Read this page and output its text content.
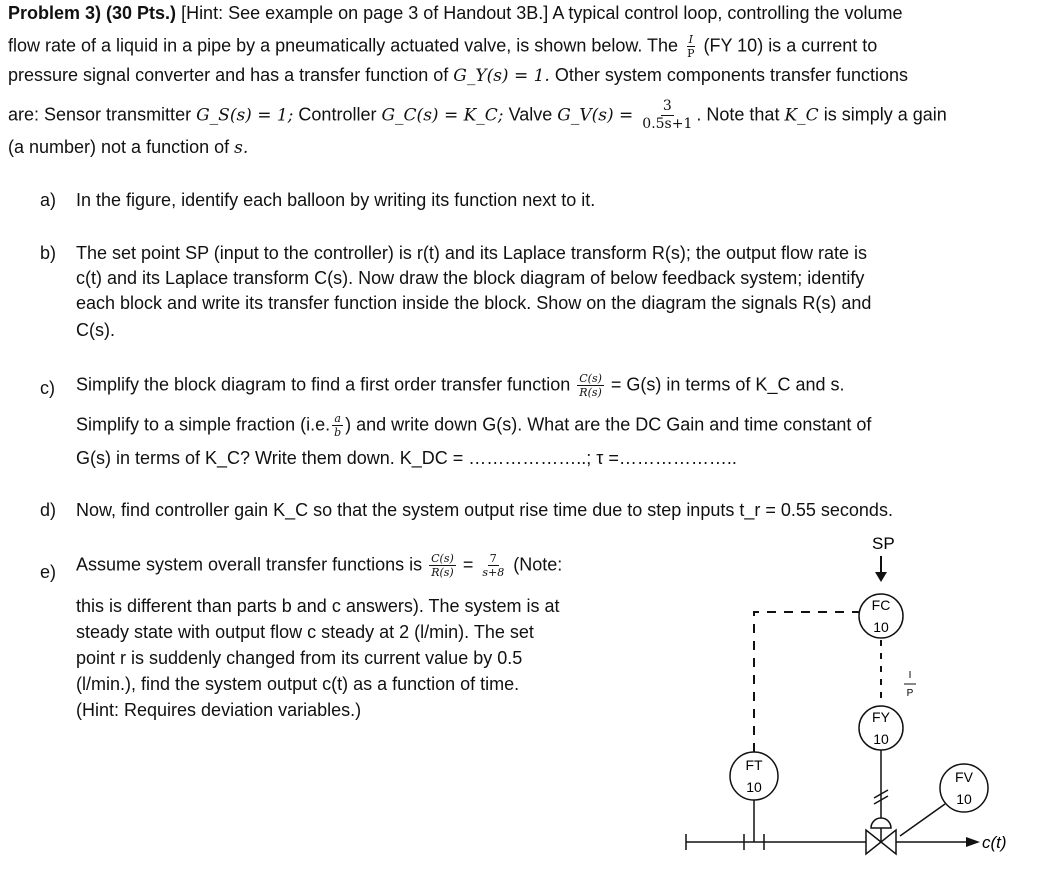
Problem 3) (30 Pts.) [Hint: See example on page 3 of Handout 3B.] A typical control loop, controlling the volume
flow rate of a liquid in a pipe by a pneumatically actuated valve, is shown below. The $\frac{I}{P} (FY$ 10) is a current to
pressure signal converter and has a transfer function of G_Y(s) = 1. Other system components transfer functions
are: Sensor transmitter G_S(s) = 1; Controller G_C(s) = K_C; Valve G_V(s) = $\frac{3}{0.5s+1}$ . Note that K_C is simply a gain
(a number) not a function of s.
a) In the figure, identify each balloon by writing its function next to it.
b) The set point SP (input to the controller) is r(t) and its Laplace transform R(s); the output flow rate is
c(t) and its Laplace transform C(s). Now draw the block diagram of below feedback system; identify
each block and write its transfer function inside the block. Show on the diagram the signals R(s) and
C(s).
c) Simplify the block diagram to find a first order transfer function $\frac{C(s)}{R(s)} = G(s)$ in terms of K_C and s.
Simplify to a simple fraction (i.e. $\frac{a}{b}$ ) and write down G(s). What are the DC Gain and time constant of
G(s) in terms of K_C? Write them down. K_DC = ………………..; τ =………………..
d) Now, find controller gain K_C so that the system output rise time due to step inputs t_r = 0.55 seconds.
e) Assume system overall transfer functions is $\frac{C(s)}{R(s)} = \frac{7}{s+8}$ (Note:
this is different than parts b and c answers). The system is at
steady state with output flow c steady at 2 (l/min). The set
point r is suddenly changed from its current value by 0.5
(l/min.), find the system output c(t) as a function of time.
(Hint: Requires deviation variables.)
SP
FC
10
I
P
FY
10
FT
10
FV
10
c(t)
